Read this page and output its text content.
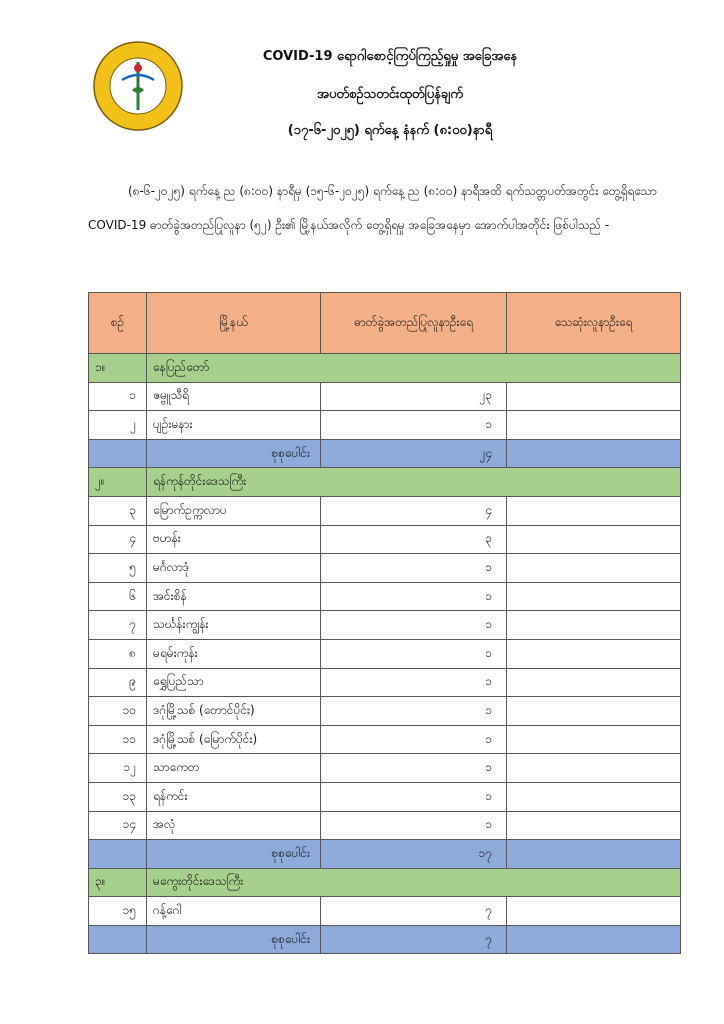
COVID-19 ရောဂါစောင့်ကြပ်ကြည့်ရှုမှု အခြေအနေ
အပတ်စဉ်သတင်းထုတ်ပြန်ချက်
(၁၇-၆-၂၀၂၅) ရက်နေ့ နံနက် (၈:၀၀)နာရီ
(၈-၆-၂၀၂၅) ရက်နေ့ ည (၈:၀၀) နာရီမှ (၁၅-၆-၂၀၂၅) ရက်နေ့ ည (၈:၀၀) နာရီအထိ ရက်သတ္တပတ်အတွင်း တွေ့ရှိရသော COVID-19 ဓာတ်ခွဲအတည်ပြုလူနာ (၅၂) ဦး၏ မြို့နယ်အလိုက် တွေ့ရှိရမှု အခြေအနေမှာ အောက်ပါအတိုင်း ဖြစ်ပါသည် -
စဉ်	မြို့နယ်	ဓာတ်ခွဲအတည်ပြုလူနာဦးရေ	သေဆုံးလူနာဦးရေ
၁။	နေပြည်တော်		
၁	ဇမ္ဗူသီရိ	၂၃	
၂	ပျဉ်းမနား	၁	
	စုစုပေါင်း	၂၄	
၂။	ရန်ကုန်တိုင်းဒေသကြီး		
၃	မြောက်ဥက္ကလာပ	၄	
၄	ဗဟန်း	၃	
၅	မင်္ဂလာဒုံ	၁	
၆	အင်းစိန်	၁	
၇	သင်္ဃန်းကျွန်း	၁	
၈	မရမ်းကုန်း	၁	
၉	ရွှေပြည်သာ	၁	
၁၀	ဒဂုံမြို့သစ် (တောင်ပိုင်း)	၁	
၁၁	ဒဂုံမြို့သစ် (မြောက်ပိုင်း)	၁	
၁၂	သာကေတ	၁	
၁၃	ရန်ကင်း	၁	
၁၄	အလုံ	၁	
	စုစုပေါင်း	၁၇	
၃။	မကွေးတိုင်းဒေသကြီး		
၁၅	ဂန့်ဂေါ	၇	
	စုစုပေါင်း	၇	
